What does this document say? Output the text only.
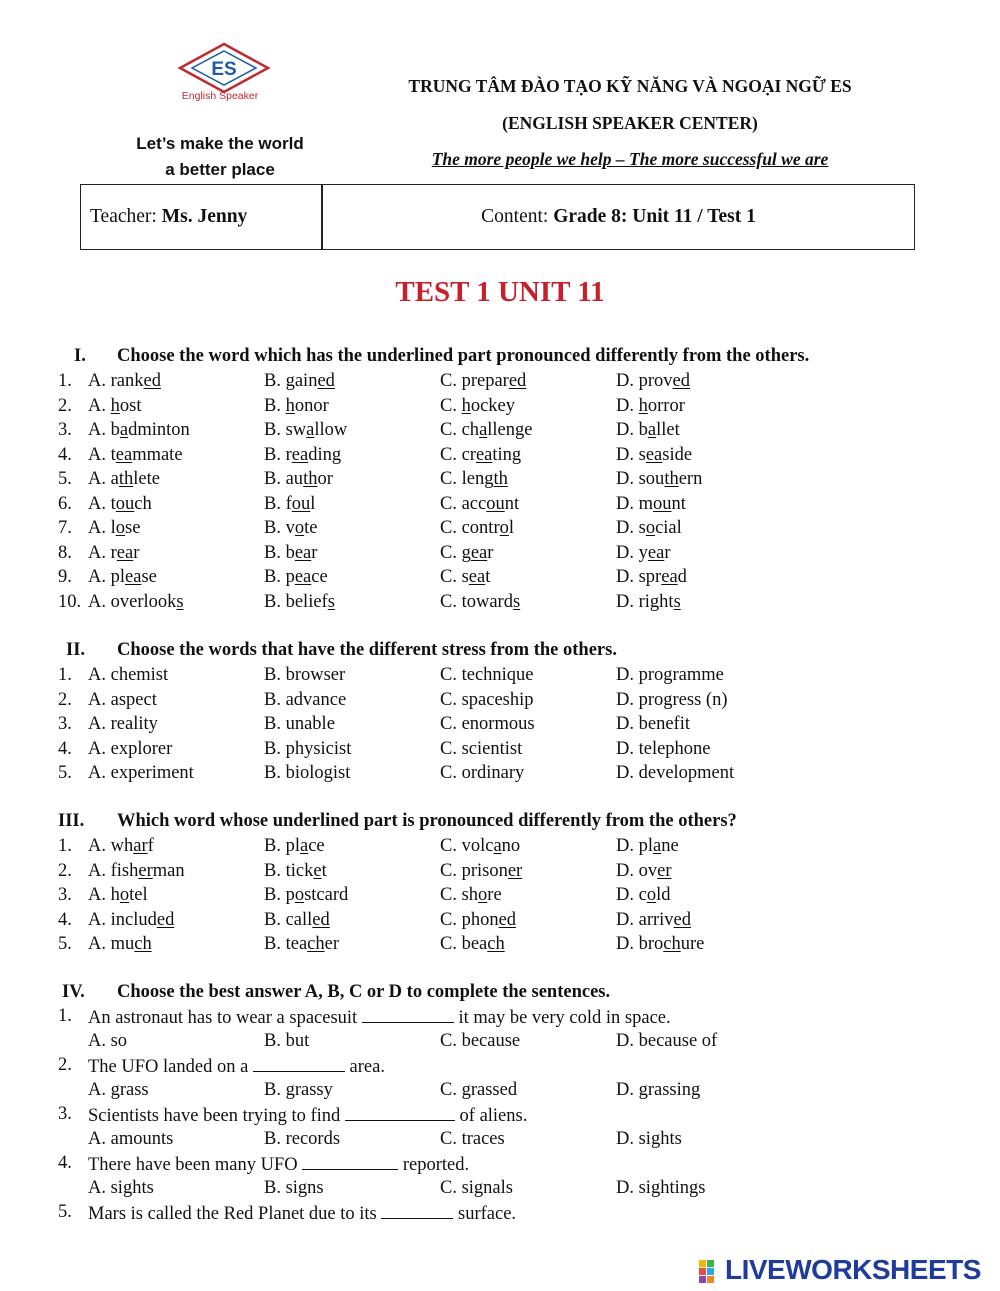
ES
English Speaker
Let’s make the world
a better place
TRUNG TÂM ĐÀO TẠO KỸ NĂNG VÀ NGOẠI NGỮ ES
(ENGLISH SPEAKER CENTER)
The more people we help – The more successful we are
Teacher: Ms. Jenny	Content: Grade 8: Unit 11 / Test 1
TEST 1 UNIT 11
I. Choose the word which has the underlined part pronounced differently from the others.
1. A. ranked	B. gained	C. prepared	D. proved
2. A. host	B. honor	C. hockey	D. horror
3. A. badminton	B. swallow	C. challenge	D. ballet
4. A. teammate	B. reading	C. creating	D. seaside
5. A. athlete	B. author	C. length	D. southern
6. A. touch	B. foul	C. account	D. mount
7. A. lose	B. vote	C. control	D. social
8. A. rear	B. bear	C. gear	D. year
9. A. please	B. peace	C. seat	D. spread
10. A. overlooks	B. beliefs	C. towards	D. rights
II. Choose the words that have the different stress from the others.
1. A. chemist	B. browser	C. technique	D. programme
2. A. aspect	B. advance	C. spaceship	D. progress (n)
3. A. reality	B. unable	C. enormous	D. benefit
4. A. explorer	B. physicist	C. scientist	D. telephone
5. A. experiment	B. biologist	C. ordinary	D. development
III. Which word whose underlined part is pronounced differently from the others?
1. A. wharf	B. place	C. volcano	D. plane
2. A. fisherman	B. ticket	C. prisoner	D. over
3. A. hotel	B. postcard	C. shore	D. cold
4. A. included	B. called	C. phoned	D. arrived
5. A. much	B. teacher	C. beach	D. brochure
IV. Choose the best answer A, B, C or D to complete the sentences.
1. An astronaut has to wear a spacesuit	it may be very cold in space.
A. so	B. but	C. because	D. because of
2. The UFO landed on a	area.
A. grass	B. grassy	C. grassed	D. grassing
3. Scientists have been trying to find	of aliens.
A. amounts	B. records	C. traces	D. sights
4. There have been many UFO	reported.
A. sights	B. signs	C. signals	D. sightings
5. Mars is called the Red Planet due to its	surface.
LIVEWORKSHEETS
